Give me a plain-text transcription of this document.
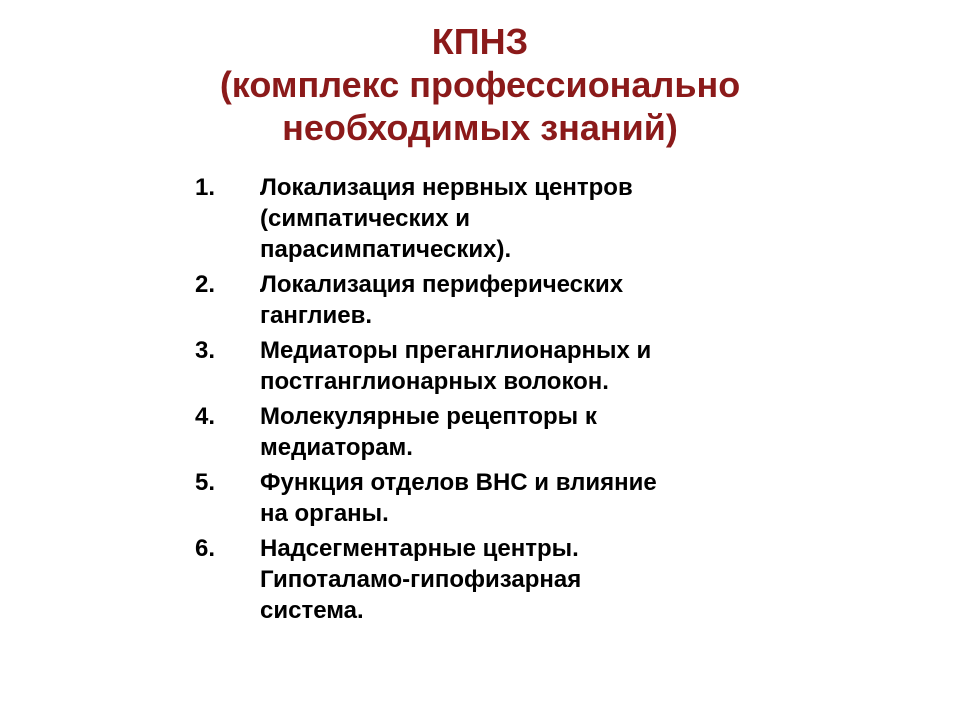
КПНЗ
(комплекс профессионально
необходимых знаний)
1.	Локализация нервных центров
(симпатических и
парасимпатических).
2.	Локализация периферических
ганглиев.
3.	Медиаторы преганглионарных и
постганглионарных волокон.
4.	Молекулярные рецепторы к
медиаторам.
5.	Функция отделов ВНС и влияние
на органы.
6.	Надсегментарные центры.
Гипоталамо-гипофизарная
система.
